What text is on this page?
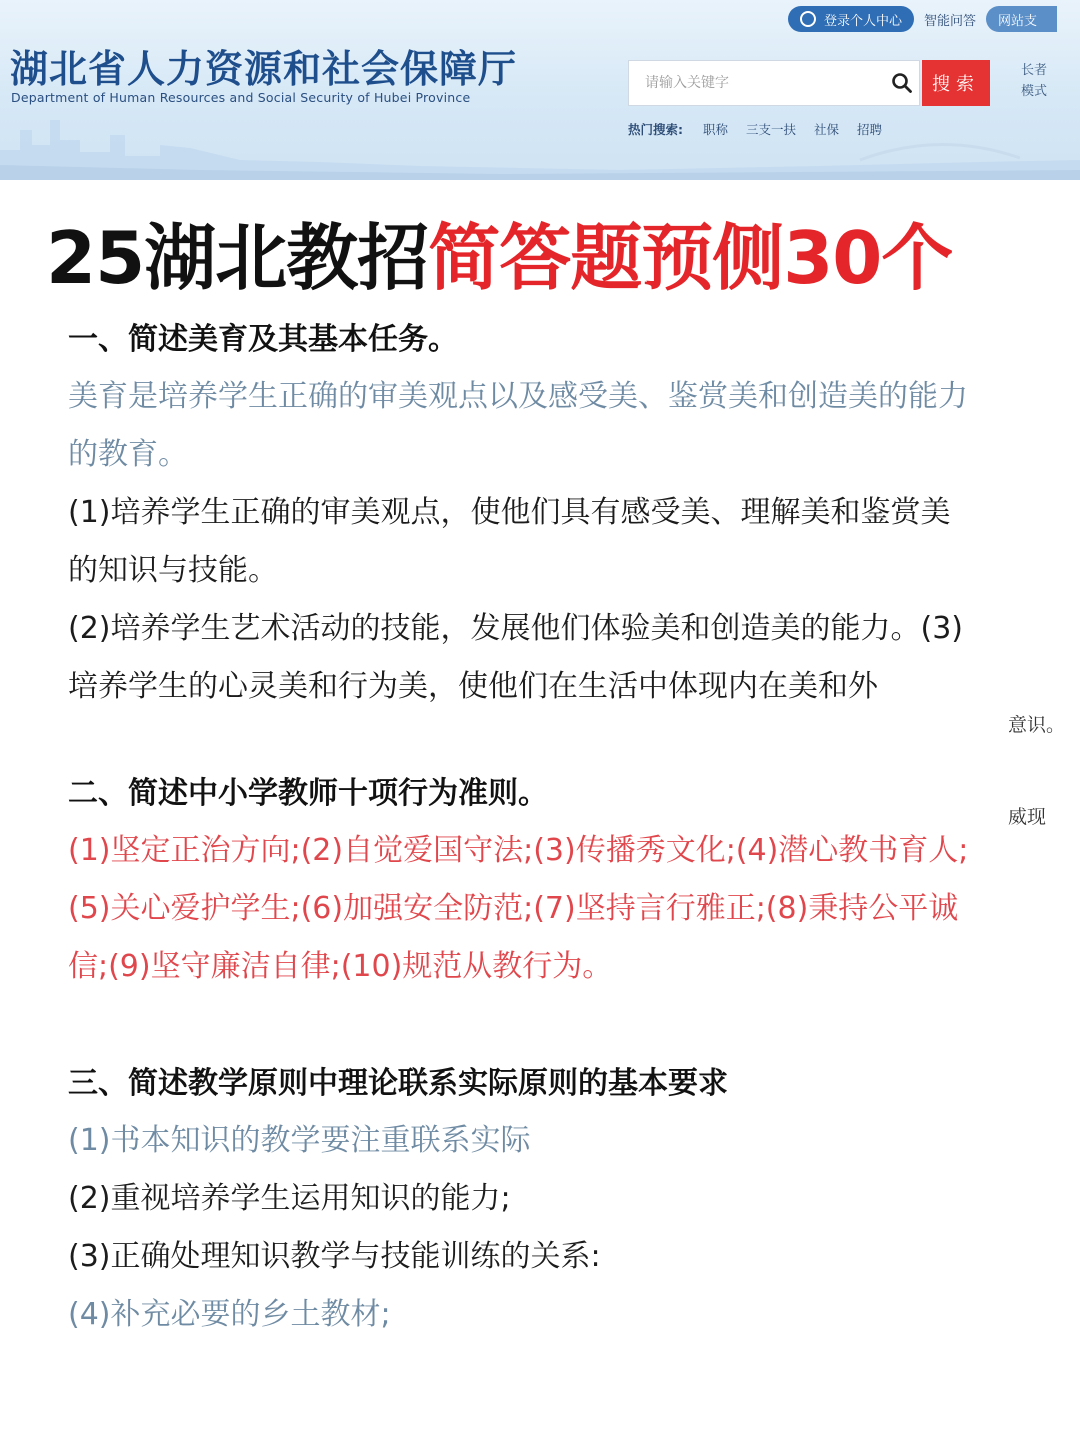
湖北省人力资源和社会保障厅
Department of Human Resources and Social Security of Hubei Province
登录个人中心 智能问答	网站支
请输入关键字
搜索
长者
模式
热门搜索: 职称 三支一扶 社保 招聘
25湖北教招简答题预侧30个
意识。
威现
一、简述美育及其基本任务。

美育是培养学生正确的审美观点以及感受美、鉴赏美和创造美的能力的教育。

(1)培养学生正确的审美观点，使他们具有感受美、理解美和鉴赏美的知识与技能。

(2)培养学生艺术活动的技能，发展他们体验美和创造美的能力。(3)培养学生的心灵美和行为美，使他们在生活中体现内在美和外

二、简述中小学教师十项行为准则。

(1)坚定正治方向;(2)自觉爱国守法;(3)传播秀文化;(4)潜心教书育人;(5)关心爱护学生;(6)加强安全防范;(7)坚持言行雅正;(8)秉持公平诚信;(9)坚守廉洁自律;(10)规范从教行为。

三、简述教学原则中理论联系实际原则的基本要求

(1)书本知识的教学要注重联系实际

(2)重视培养学生运用知识的能力;

(3)正确处理知识教学与技能训练的关系:

(4)补充必要的乡土教材;
